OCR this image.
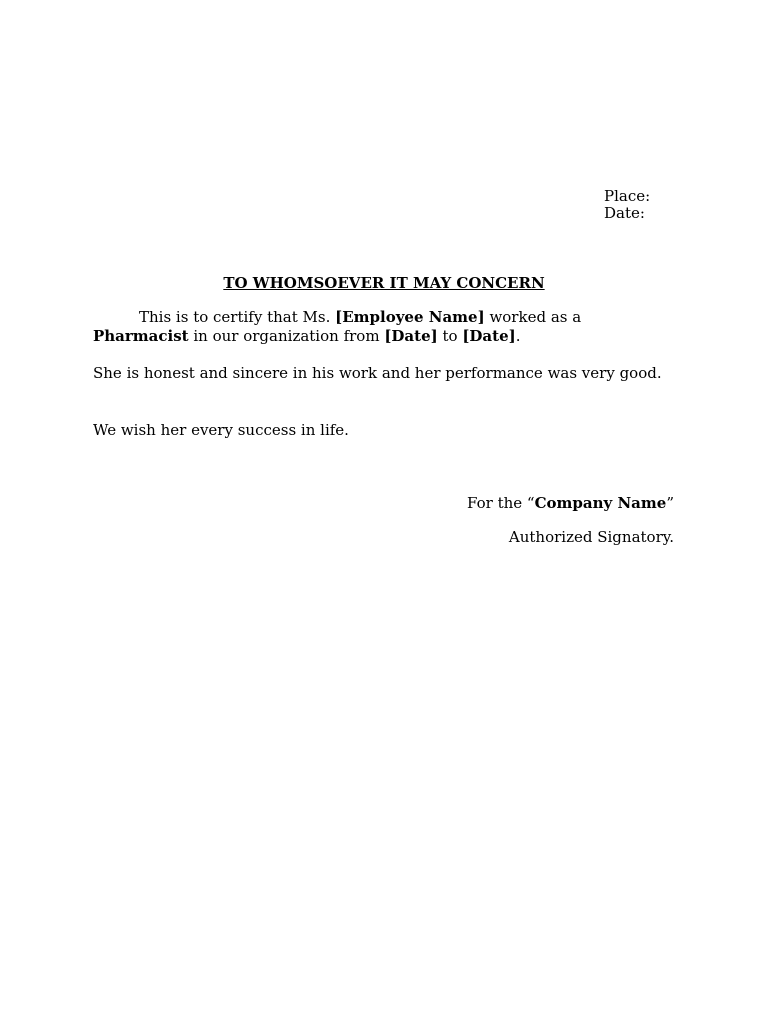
Place:
Date:
TO WHOMSOEVER IT MAY CONCERN
This is to certify that Ms. [Employee Name] worked as a
Pharmacist in our organization from [Date] to [Date].
She is honest and sincere in his work and her performance was very good.
We wish her every success in life.
For the “Company Name”
Authorized Signatory.
